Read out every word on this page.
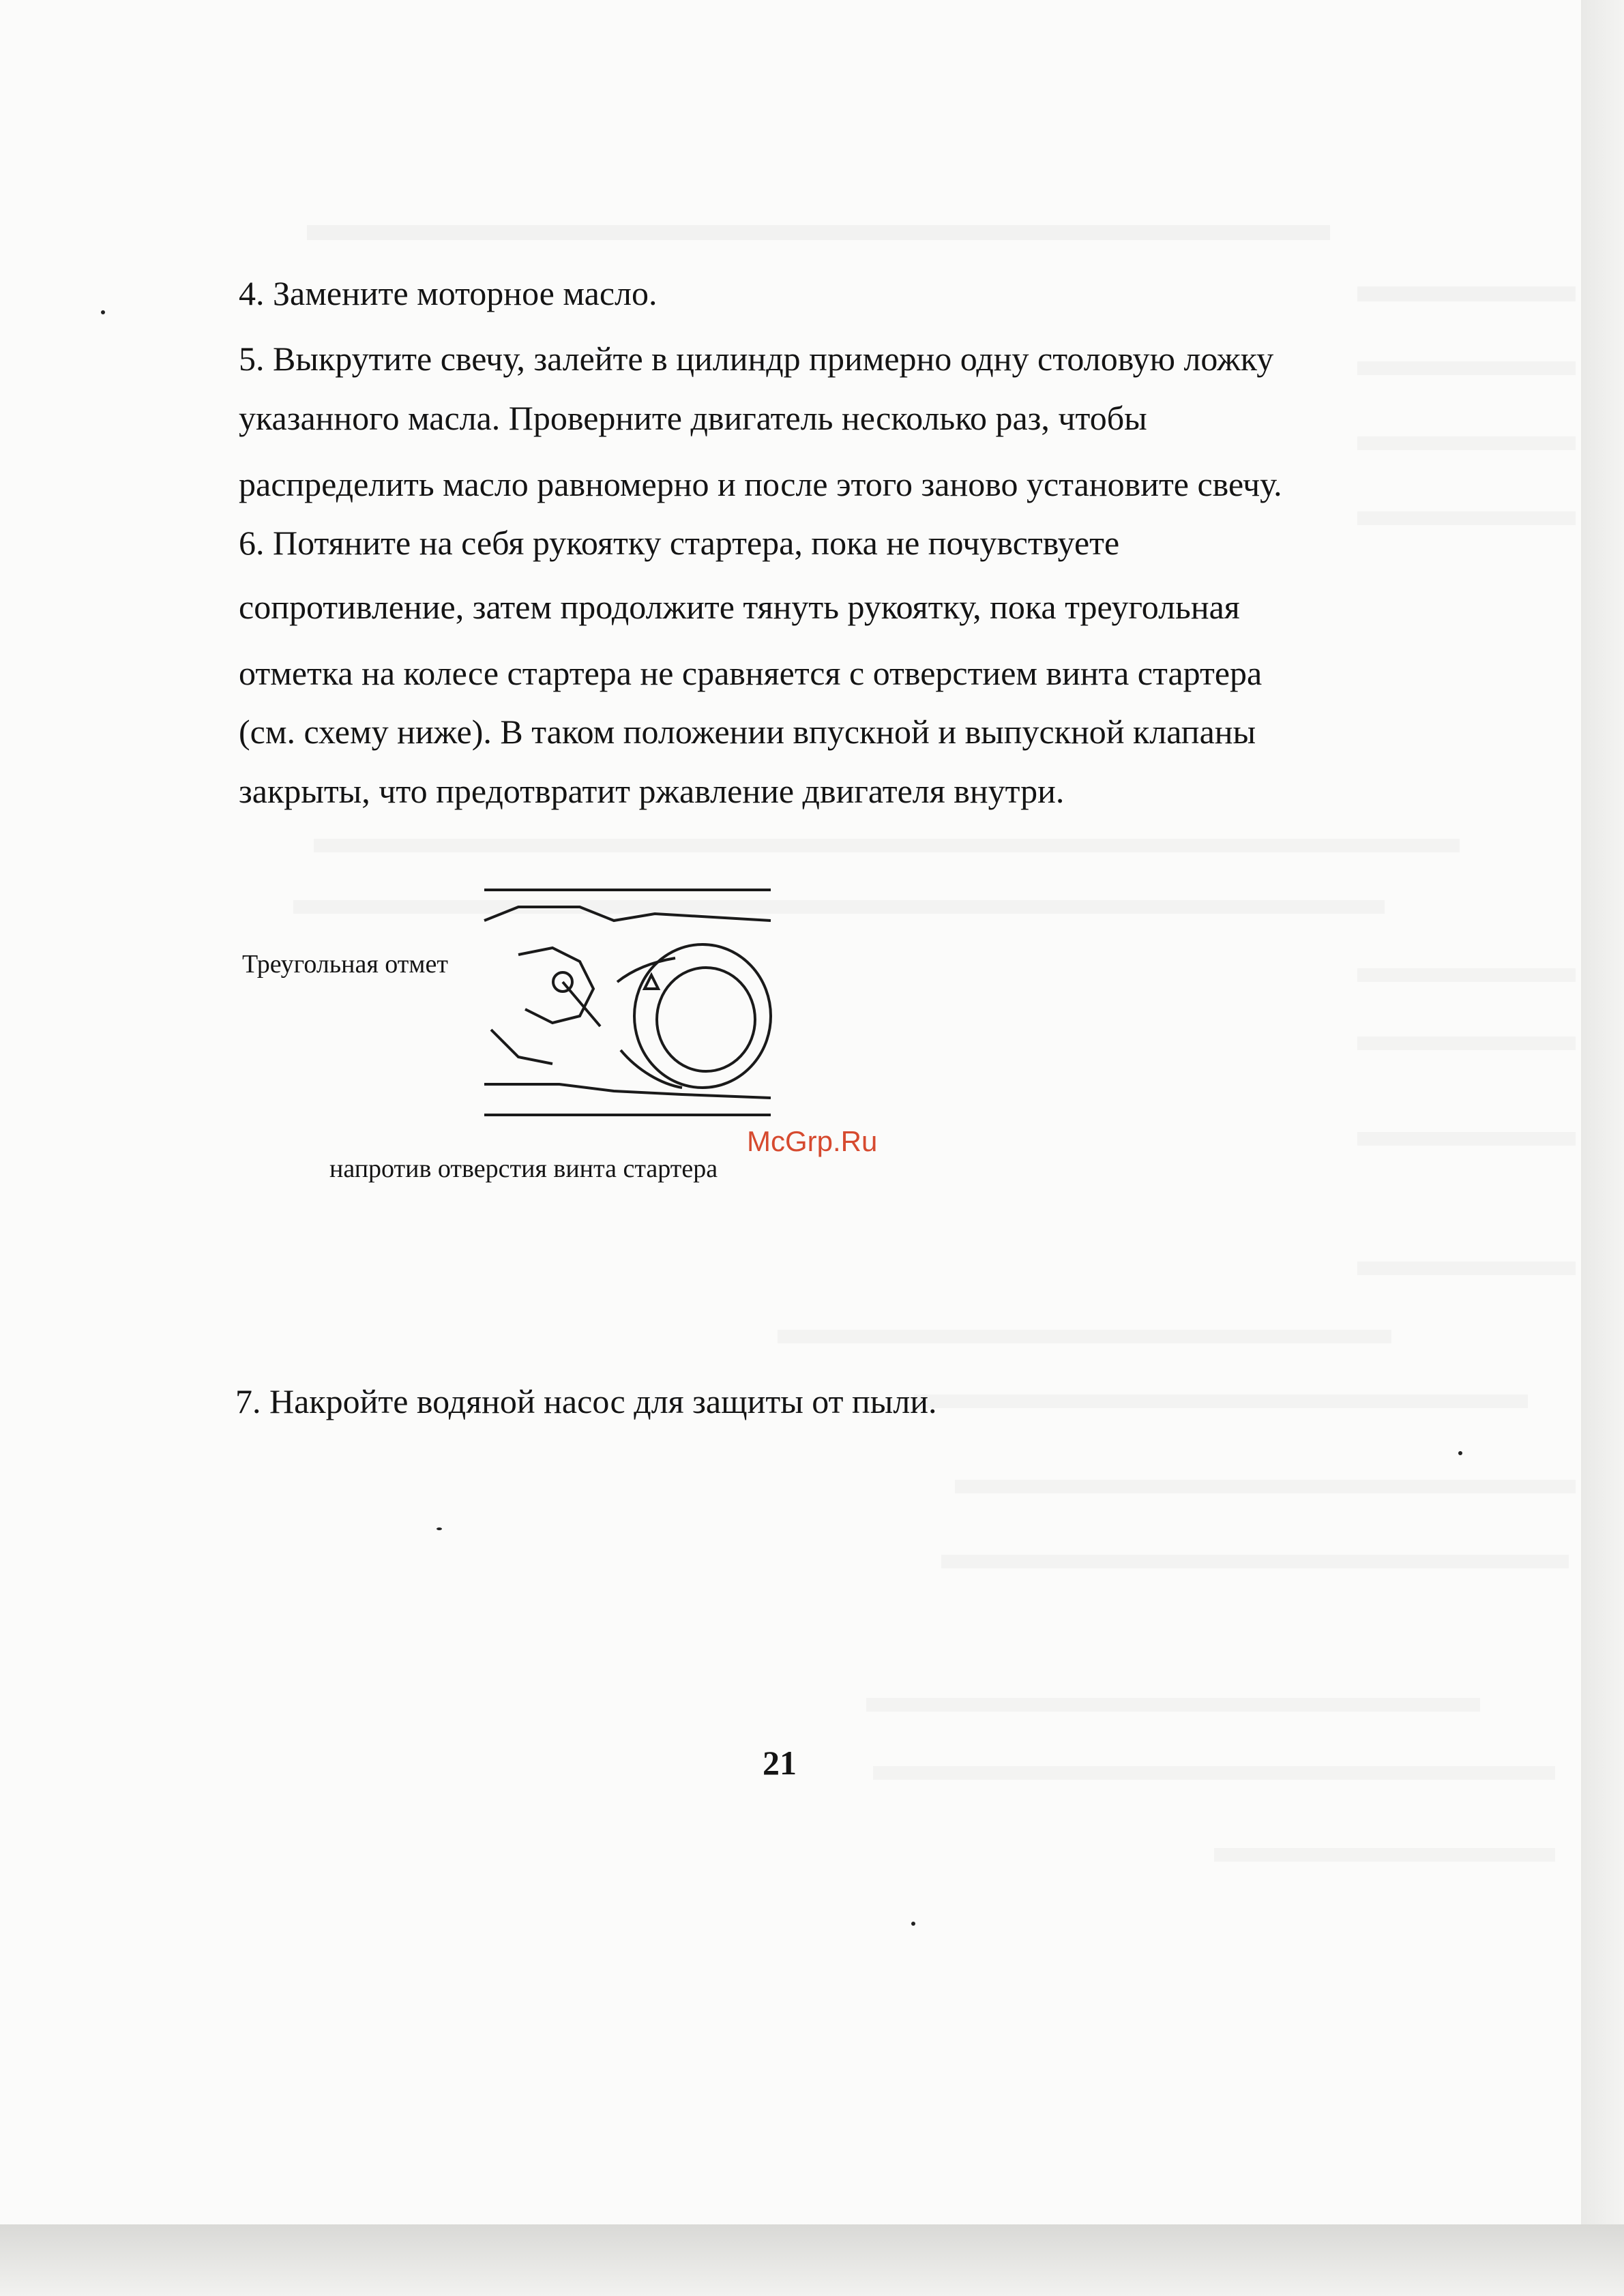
4. Замените моторное масло.
5. Выкрутите свечу, залейте в цилиндр примерно одну столовую ложку
указанного масла. Проверните двигатель несколько раз, чтобы
распределить масло равномерно и после этого заново установите свечу.
6. Потяните на себя рукоятку стартера, пока не почувствуете
сопротивление, затем продолжите тянуть рукоятку, пока треугольная
отметка на колесе стартера не сравняется с отверстием винта стартера
(см. схему ниже). В таком положении впускной и выпускной клапаны
закрыты, что предотвратит ржавление двигателя внутри.
Треугольная отмет
напротив отверстия винта стартера
McGrp.Ru
7. Накройте водяной насос для защиты от пыли.
21
